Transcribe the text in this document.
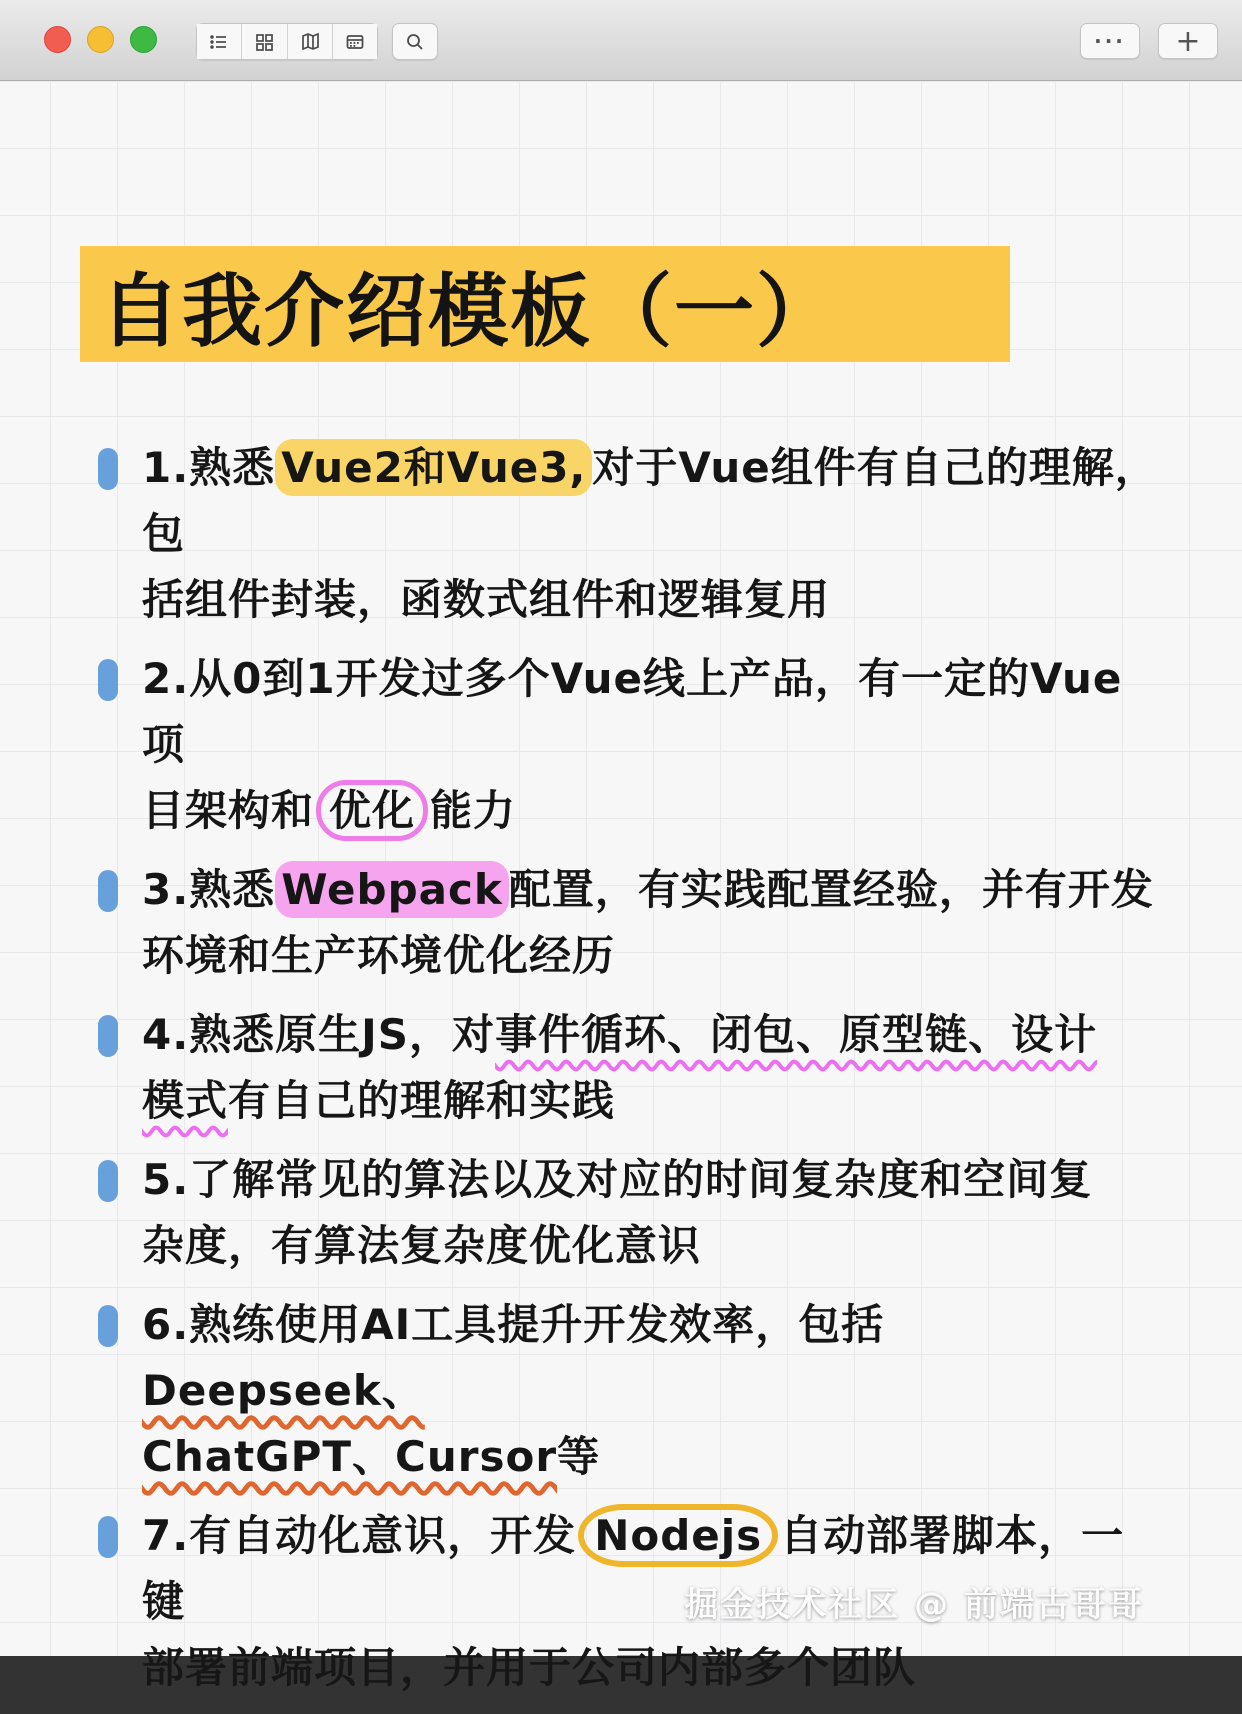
···	+
自我介绍模板（一）

1.熟悉 Vue2和Vue3, 对于Vue组件有自己的理解，包
括组件封装，函数式组件和逻辑复用

2.从0到1开发过多个Vue线上产品，有一定的Vue项
目架构和 优化 能力

3.熟悉 Webpack 配置，有实践配置经验，并有开发
环境和生产环境优化经历

4.熟悉原生JS，对事件循环、闭包、原型链、设计
模式有自己的理解和实践

5.了解常见的算法以及对应的时间复杂度和空间复
杂度，有算法复杂度优化意识

6.熟练使用AI工具提升开发效率，包括Deepseek、
ChatGPT、Cursor等

7.有自动化意识，开发 Nodejs 自动部署脚本，一键
部署前端项目，并用于公司内部多个团队

掘金技术社区 @ 前端古哥哥
